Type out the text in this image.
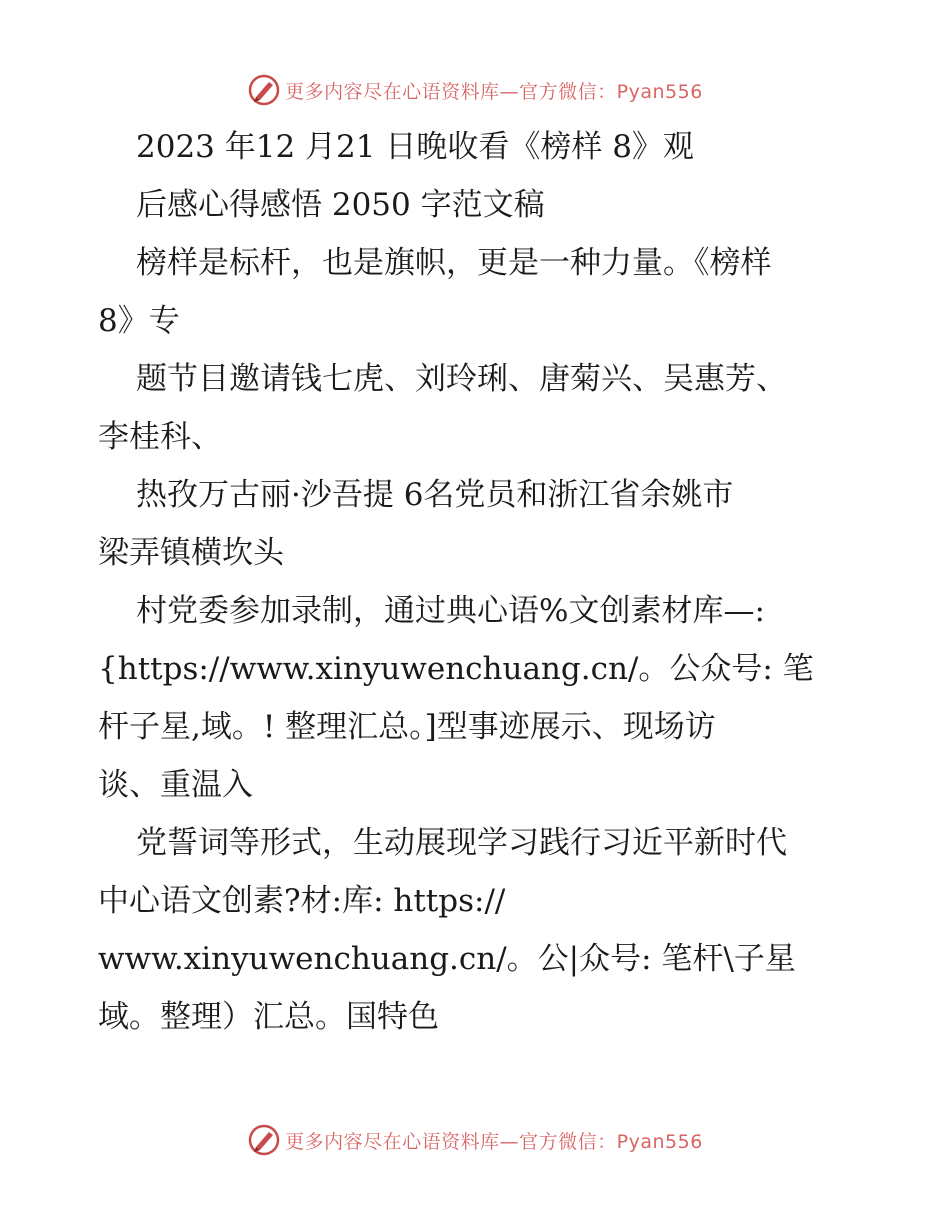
更多内容尽在心语资料库—官方微信：Pyan556
2023 年12 月21 日晚收看《榜样 8》观
后感心得感悟 2050 字范文稿
榜样是标杆，也是旗帜，更是一种力量。《榜样
8》专
题节目邀请钱七虎、刘玲琍、唐菊兴、吴惠芳、
李桂科、
热孜万古丽·沙吾提 6名党员和浙江省余姚市
梁弄镇横坎头
村党委参加录制，通过典心语%文创素材库—:
{https://www.xinyuwenchuang.cn/。公众号: 笔
杆子星,域。! 整理汇总。]型事迹展示、现场访
谈、重温入
党誓词等形式，生动展现学习践行习近平新时代
中心语文创素?材:库: https://
www.xinyuwenchuang.cn/。公|众号: 笔杆\子星
域。整理）汇总。国特色
更多内容尽在心语资料库—官方微信：Pyan556
